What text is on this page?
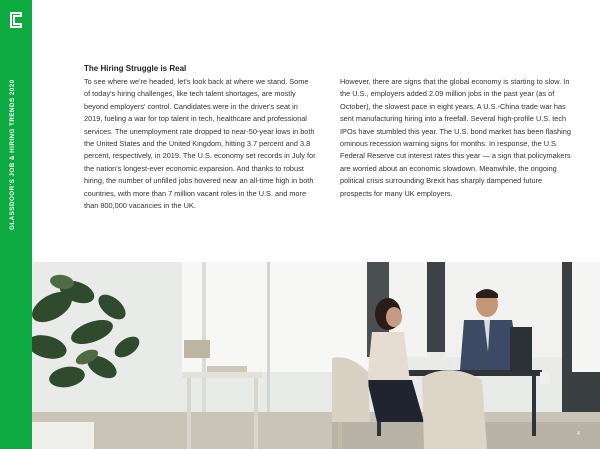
GLASSDOOR'S JOB & HIRING TRENDS 2020
The Hiring Struggle is Real
To see where we're headed, let's look back at where we stand. Some of today's hiring challenges, like tech talent shortages, are mostly beyond employers' control. Candidates were in the driver's seat in 2019, fueling a war for top talent in tech, healthcare and professional services. The unemployment rate dropped to near-50-year lows in both the United States and the United Kingdom, hitting 3.7 percent and 3.8 percent, respectively, in 2019. The U.S. economy set records in July for the nation's longest-ever economic expansion. And thanks to robust hiring, the number of unfilled jobs hovered near an all-time high in both countries, with more than 7 million vacant roles in the U.S. and more than 800,000 vacancies in the UK.
However, there are signs that the global economy is starting to slow. In the U.S., employers added 2.09 million jobs in the past year (as of October), the slowest pace in eight years. A U.S.-China trade war has sent manufacturing hiring into a freefall. Several high-profile U.S. tech IPOs have stumbled this year. The U.S. bond market has been flashing ominous recession warning signs for months. In response, the U.S. Federal Reserve cut interest rates this year — a sign that policymakers are worried about an economic slowdown. Meanwhile, the ongoing political crisis surrounding Brexit has sharply dampened future prospects for many UK employers.
4
